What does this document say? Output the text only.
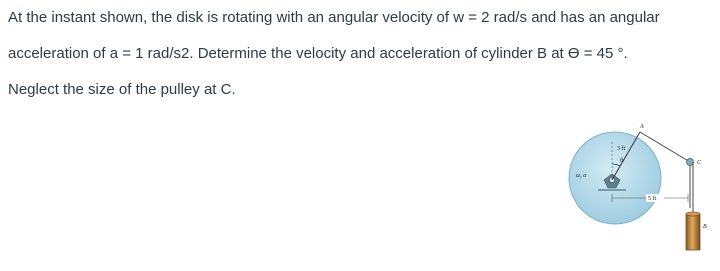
At the instant shown, the disk is rotating with an angular velocity of w = 2 rad/s and has an angular

acceleration of a = 1 rad/s2. Determine the velocity and acceleration of cylinder B at ϴ = 45 °.

Neglect the size of the pulley at C.

ω, α
3 ft
θ
A
C
B
5 ft
